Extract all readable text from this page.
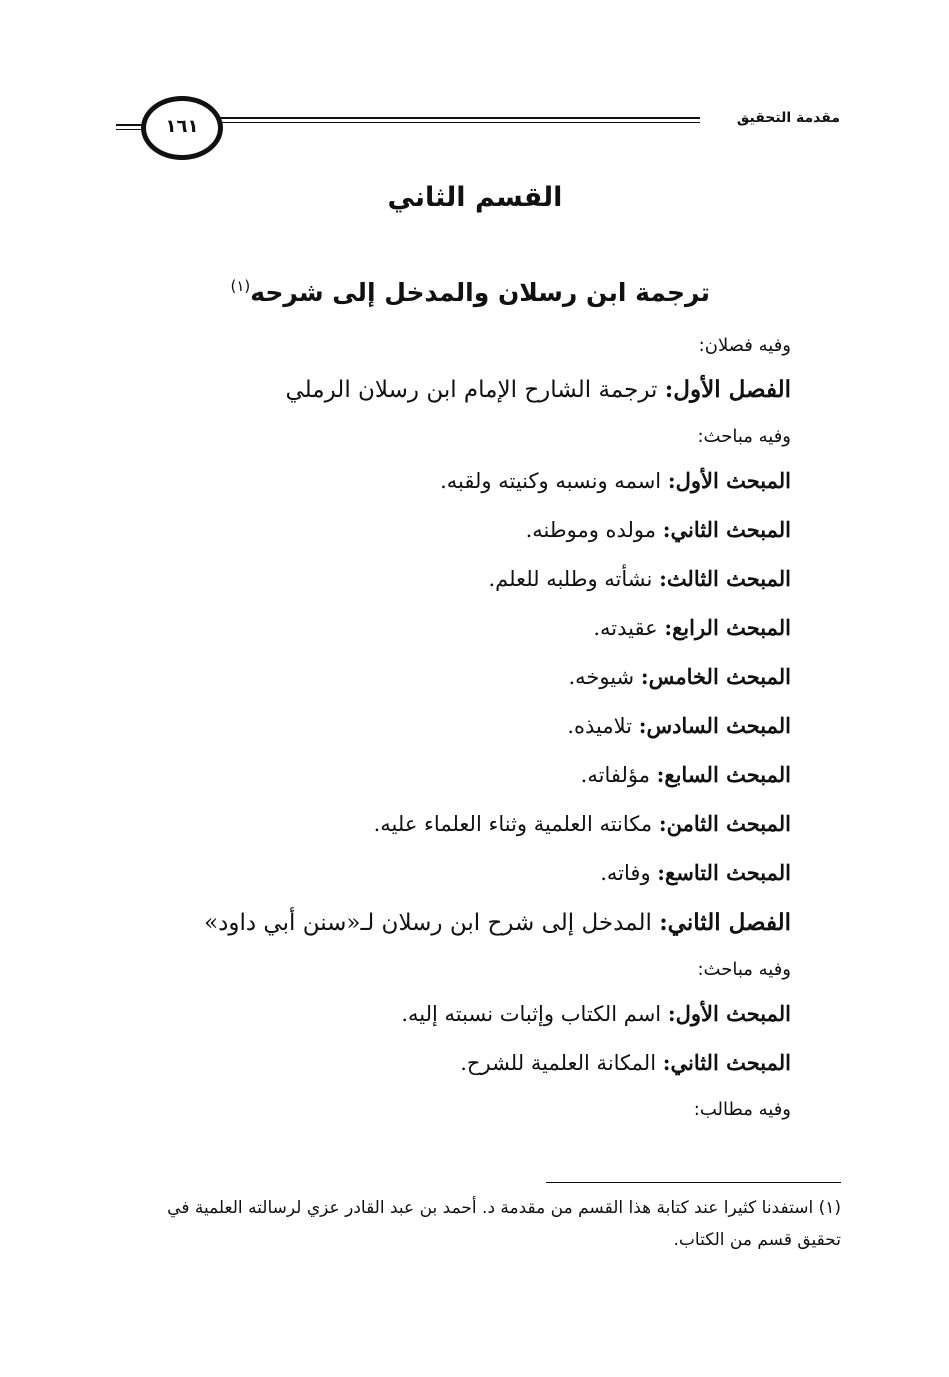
مقدمة التحقيق
١٦١
القسم الثاني
ترجمة ابن رسلان والمدخل إلى شرحه$^{(١)}$
وفيه فصلان:
الفصل الأول: ترجمة الشارح الإمام ابن رسلان الرملي
وفيه مباحث:
المبحث الأول: اسمه ونسبه وكنيته ولقبه.
المبحث الثاني: مولده وموطنه.
المبحث الثالث: نشأته وطلبه للعلم.
المبحث الرابع: عقيدته.
المبحث الخامس: شيوخه.
المبحث السادس: تلاميذه.
المبحث السابع: مؤلفاته.
المبحث الثامن: مكانته العلمية وثناء العلماء عليه.
المبحث التاسع: وفاته.
الفصل الثاني: المدخل إلى شرح ابن رسلان لـ«سنن أبي داود»
وفيه مباحث:
المبحث الأول: اسم الكتاب وإثبات نسبته إليه.
المبحث الثاني: المكانة العلمية للشرح.
وفيه مطالب:
(١) استفدنا كثيرا عند كتابة هذا القسم من مقدمة د. أحمد بن عبد القادر عزي لرسالته العلمية في تحقيق قسم من الكتاب.
